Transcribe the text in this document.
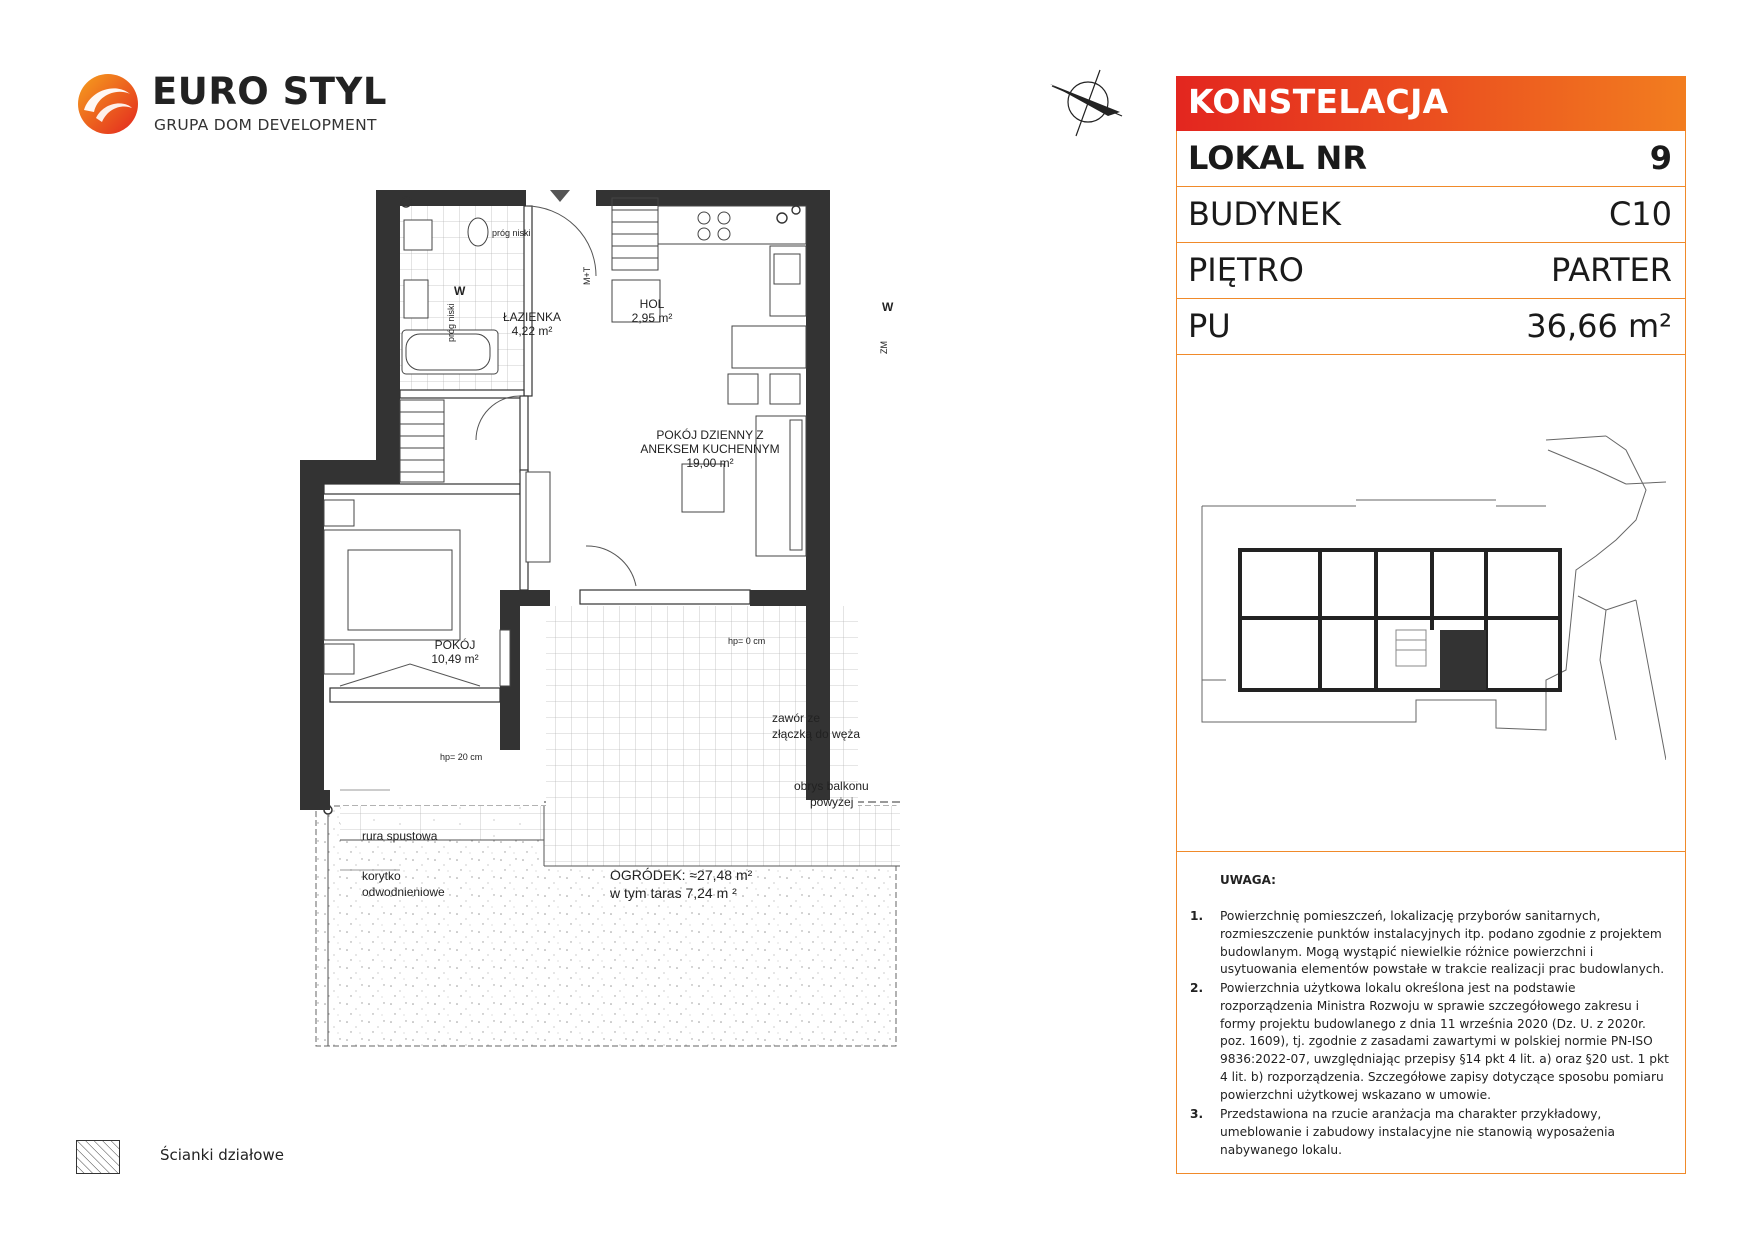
EURO STYL
GRUPA DOM DEVELOPMENT
KONSTELACJA
LOKAL NR	9
BUDYNEK	C10
PIĘTRO	PARTER
PU	36,66 m²
UWAGA:
1. Powierzchnię pomieszczeń, lokalizację przyborów sanitarnych, rozmieszczenie punktów instalacyjnych itp. podano zgodnie z projektem budowlanym. Mogą wystąpić niewielkie różnice powierzchni i usytuowania elementów powstałe w trakcie realizacji prac budowlanych.
2. Powierzchnia użytkowa lokalu określona jest na podstawie rozporządzenia Ministra Rozwoju w sprawie szczegółowego zakresu i formy projektu budowlanego z dnia 11 września 2020 (Dz. U. z 2020r. poz. 1609), tj. zgodnie z zasadami zawartymi w polskiej normie PN-ISO 9836:2022-07, uwzględniając przepisy §14 pkt 4 lit. a) oraz §20 ust. 1 pkt 4 lit. b) rozporządzenia. Szczegółowe zapisy dotyczące sposobu pomiaru powierzchni użytkowej wskazano w umowie.
3. Przedstawiona na rzucie aranżacja ma charakter przykładowy, umeblowanie i zabudowy instalacyjne nie stanowią wyposażenia nabywanego lokalu.
Ścianki działowe
ŁAZIENKA
4,22 m²
HOL
2,95 m²
POKÓJ DZIENNY Z
ANEKSEM KUCHENNYM
19,00 m²
POKÓJ
10,49 m²
próg niski
próg niski
W
W
ZM
M+T
hp= 0 cm
hp= 20 cm
zawór ze
złączką do węża
obrys balkonu
powyżej
rura spustowa
korytko
odwodnieniowe
OGRÓDEK: ≈27,48 m²
w tym taras 7,24 m ²
